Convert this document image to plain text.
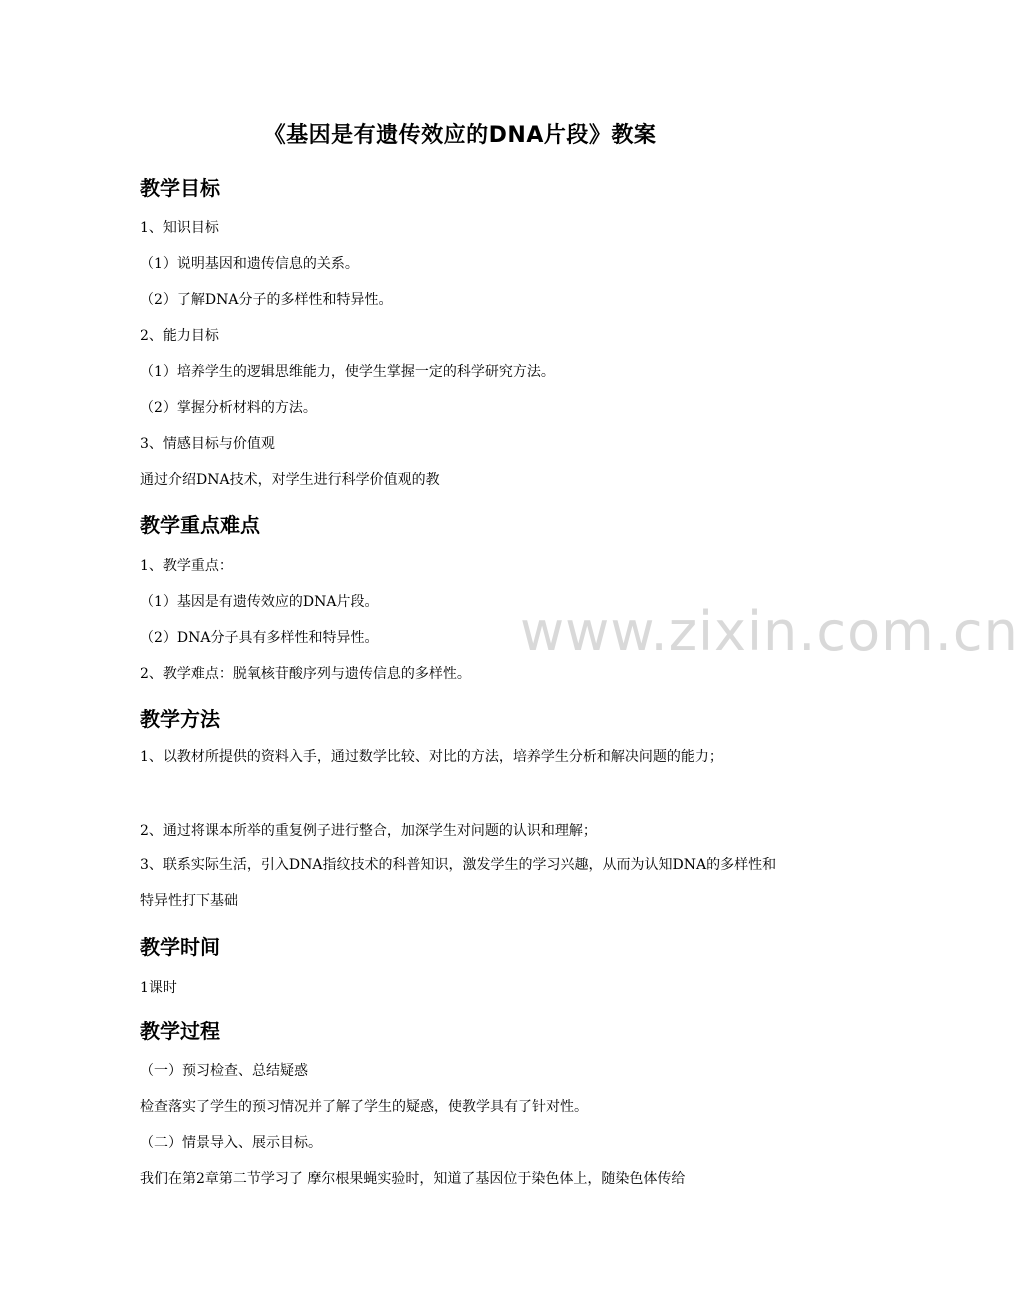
《基因是有遗传效应的DNA片段》教案
教学目标
1、知识目标
（1）说明基因和遗传信息的关系。
（2）了解DNA分子的多样性和特异性。
2、能力目标
（1）培养学生的逻辑思维能力，使学生掌握一定的科学研究方法。
（2）掌握分析材料的方法。
3、情感目标与价值观
通过介绍DNA技术，对学生进行科学价值观的教
教学重点难点
1、教学重点：
（1）基因是有遗传效应的DNA片段。
（2）DNA分子具有多样性和特异性。
2、教学难点：脱氧核苷酸序列与遗传信息的多样性。
教学方法
1、以教材所提供的资料入手，通过数学比较、对比的方法，培养学生分析和解决问题的能力；
2、通过将课本所举的重复例子进行整合，加深学生对问题的认识和理解；
3、联系实际生活，引入DNA指纹技术的科普知识，激发学生的学习兴趣，从而为认知DNA的多样性和特异性打下基础
教学时间
1课时
教学过程
（一）预习检查、总结疑惑
检查落实了学生的预习情况并了解了学生的疑惑，使教学具有了针对性。
（二）情景导入、展示目标。
我们在第2章第二节学习了 摩尔根果蝇实验时，知道了基因位于染色体上，随染色体传给
www.zixin.com.cn
